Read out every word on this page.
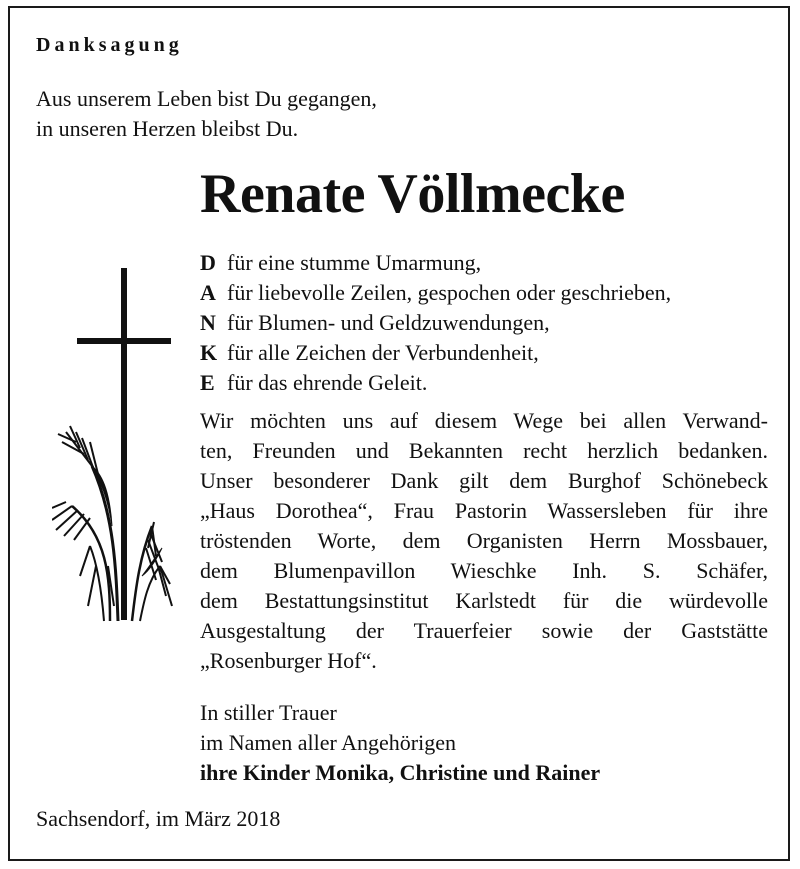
Danksagung
Aus unserem Leben bist Du gegangen,
in unseren Herzen bleibst Du.
Renate Völlmecke
D für eine stumme Umarmung,
A für liebevolle Zeilen, gespochen oder geschrieben,
N für Blumen- und Geldzuwendungen,
K für alle Zeichen der Verbundenheit,
E für das ehrende Geleit.
Wir möchten uns auf diesem Wege bei allen Verwand-
ten, Freunden und Bekannten recht herzlich bedanken.
Unser besonderer Dank gilt dem Burghof Schönebeck
„Haus Dorothea“, Frau Pastorin Wassersleben für ihre
tröstenden Worte, dem Organisten Herrn Mossbauer,
dem Blumenpavillon Wieschke Inh. S. Schäfer,
dem Bestattungsinstitut Karlstedt für die würdevolle
Ausgestaltung der Trauerfeier sowie der Gaststätte
„Rosenburger Hof“.
In stiller Trauer
im Namen aller Angehörigen
ihre Kinder Monika, Christine und Rainer
Sachsendorf, im März 2018
